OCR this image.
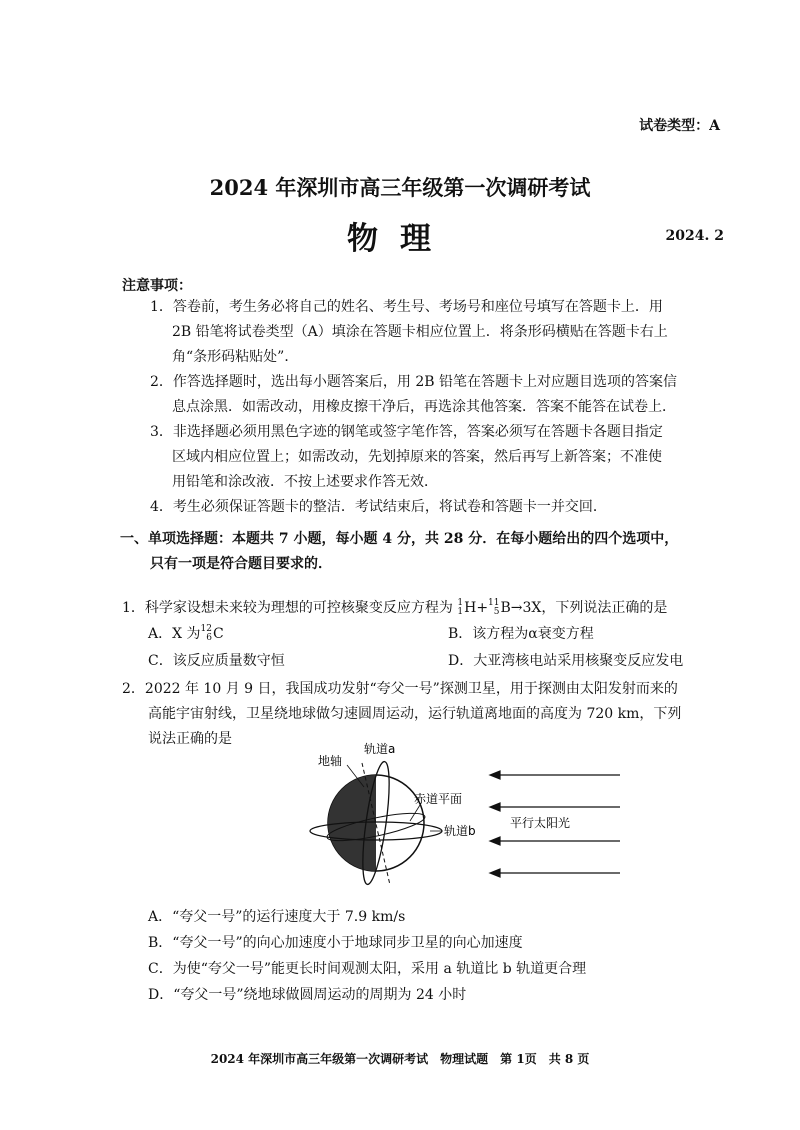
试卷类型：A
2024 年深圳市高三年级第一次调研考试
物理	2024. 2
注意事项：
1．答卷前，考生务必将自己的姓名、考生号、考场号和座位号填写在答题卡上．用
2B 铅笔将试卷类型（A）填涂在答题卡相应位置上．将条形码横贴在答题卡右上
角“条形码粘贴处”．
2．作答选择题时，选出每小题答案后，用 2B 铅笔在答题卡上对应题目选项的答案信
息点涂黑．如需改动，用橡皮擦干净后，再选涂其他答案．答案不能答在试卷上．
3．非选择题必须用黑色字迹的钢笔或签字笔作答，答案必须写在答题卡各题目指定
区域内相应位置上；如需改动，先划掉原来的答案，然后再写上新答案；不准使
用铅笔和涂改液．不按上述要求作答无效．
4．考生必须保证答题卡的整洁．考试结束后，将试卷和答题卡一并交回．
一、单项选择题：本题共 7 小题，每小题 4 分，共 28 分．在每小题给出的四个选项中，
只有一项是符合题目要求的．
1．科学家设想未来较为理想的可控核聚变反应方程为 1
1 H+ 11
5 B→3X，下列说法正确的是
A．X 为 12
6 C	B．该方程为α衰变方程
C．该反应质量数守恒	D．大亚湾核电站采用核聚变反应发电
2．2022 年 10 月 9 日，我国成功发射“夸父一号”探测卫星，用于探测由太阳发射而来的
高能宇宙射线，卫星绕地球做匀速圆周运动，运行轨道离地面的高度为 720 km，下列
说法正确的是
轨道a
地轴
赤道平面
轨道b
平行太阳光
A．“夸父一号”的运行速度大于 7.9 km/s
B．“夸父一号”的向心加速度小于地球同步卫星的向心加速度
C．为使“夸父一号”能更长时间观测太阳，采用 a 轨道比 b 轨道更合理
D．“夸父一号”绕地球做圆周运动的周期为 24 小时
2024 年深圳市高三年级第一次调研考试　物理试题　第 1页　共 8 页
